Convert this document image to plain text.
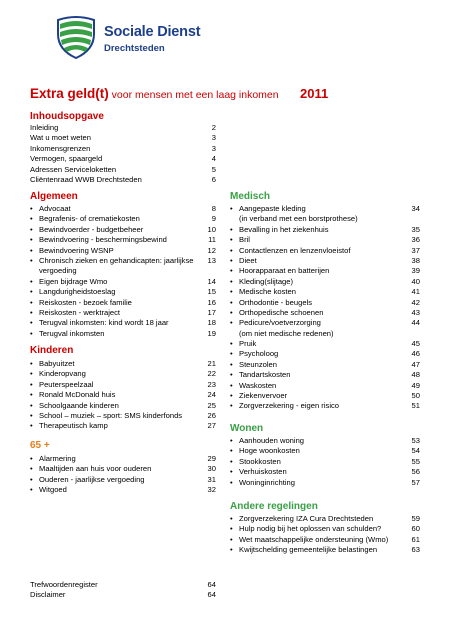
Sociale Dienst
Drechtsteden
Extra geld(t) voor mensen met een laag inkomen 2011
Inhoudsopgave
Inleiding	2
Wat u moet weten	3
Inkomensgrenzen	3
Vermogen, spaargeld	4
Adressen Serviceloketten	5
Cliëntenraad WWB Drechtsteden	6
Algemeen
• Advocaat	8
• Begrafenis- of crematiekosten	9
• Bewindvoerder - budgetbeheer	10
• Bewindvoering - beschermingsbewind	11
• Bewindvoering WSNP	12
• Chronisch zieken en gehandicapten: jaarlijkse 13
vergoeding
• Eigen bijdrage Wmo	14
• Langdurigheidstoeslag	15
• Reiskosten - bezoek familie	16
• Reiskosten - werktraject	17
• Terugval inkomsten: kind wordt 18 jaar	18
• Terugval inkomsten	19
Kinderen
• Babyuitzet	21
• Kinderopvang	22
• Peuterspeelzaal	23
• Ronald McDonald huis	24
• Schoolgaande kinderen	25
• School – muziek – sport: SMS kinderfonds	26
• Therapeutisch kamp	27
65 +
• Alarmering	29
• Maaltijden aan huis voor ouderen	30
• Ouderen - jaarlijkse vergoeding	31
• Witgoed	32
Medisch
• Aangepaste kleding	34
(in verband met een borstprothese)
• Bevalling in het ziekenhuis	35
• Bril	36
• Contactlenzen en lenzenvloeistof	37
• Dieet	38
• Hoorapparaat en batterijen	39
• Kleding(slijtage)	40
• Medische kosten	41
• Orthodontie - beugels	42
• Orthopedische schoenen	43
• Pedicure/voetverzorging	44
(om niet medische redenen)
• Pruik	45
• Psycholoog	46
• Steunzolen	47
• Tandartskosten	48
• Waskosten	49
• Ziekenvervoer	50
• Zorgverzekering - eigen risico	51
Wonen
• Aanhouden woning	53
• Hoge woonkosten	54
• Stookkosten	55
• Verhuiskosten	56
• Woninginrichting	57
Andere regelingen
• Zorgverzekering IZA Cura Drechtsteden	59
• Hulp nodig bij het oplossen van schulden?	60
• Wet maatschappelijke ondersteuning (Wmo)	61
• Kwijtschelding gemeentelijke belastingen	63
Trefwoordenregister	64
Disclaimer	64
